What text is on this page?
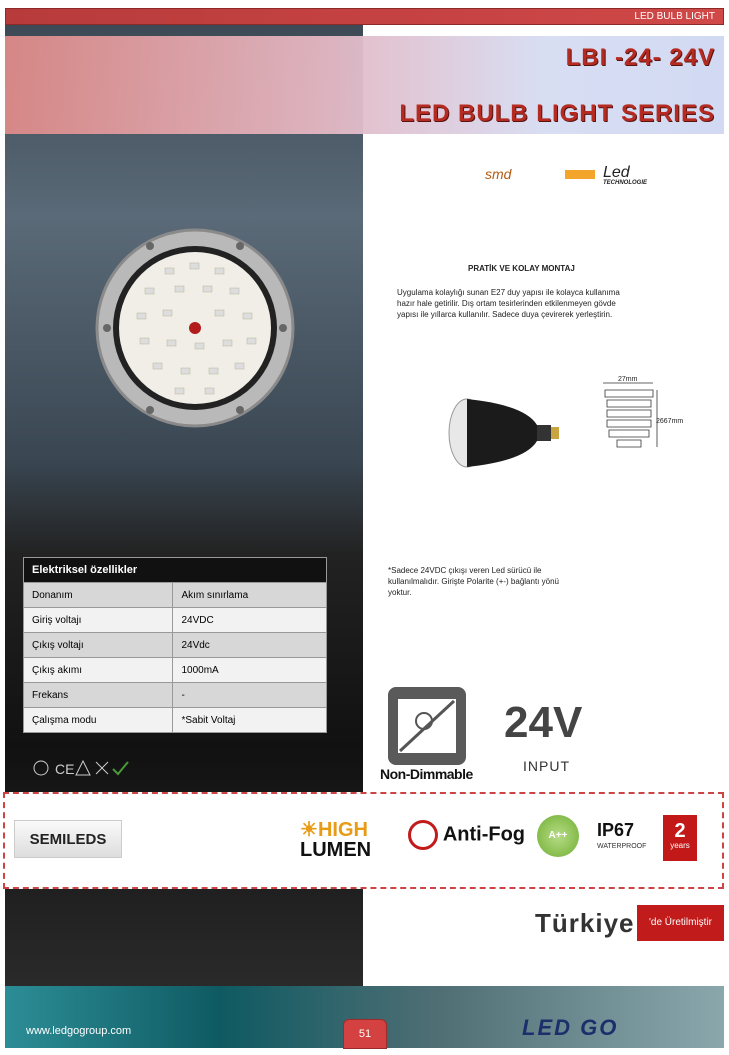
LED BULB LIGHT
LBI -24- 24V
LED BULB LIGHT SERIES
smd	Led
TECHNOLOGIE
PRATİK VE KOLAY MONTAJ
Uygulama kolaylığı sunan E27 duy yapısı ile kolayca kullanıma hazır hale getirilir. Dış ortam tesirlerinden etkilenmeyen gövde yapısı ile yıllarca kullanılır. Sadece duya çevirerek yerleştirin.
27mm
2667mm
Elektriksel özellikler	
Donanım	Akım sınırlama
Giriş voltajı	24VDC
Çıkış voltajı	24Vdc
Çıkış akımı	1000mA
Frekans	-
Çalışma modu	*Sabit Voltaj
CE
*Sadece 24VDC çıkışı veren Led sürücü ile kullanılmalıdır. Girişte Polarite (+-) bağlantı yönü yoktur.
Non-Dimmable
24V
INPUT
SEMILEDS	☀HIGH
LUMEN
Anti-Fog	A++	IP67
WATERPROOF
2
years
Türkiye	'de Üretilmiştir
www.ledgogroup.com	51	LED GO
